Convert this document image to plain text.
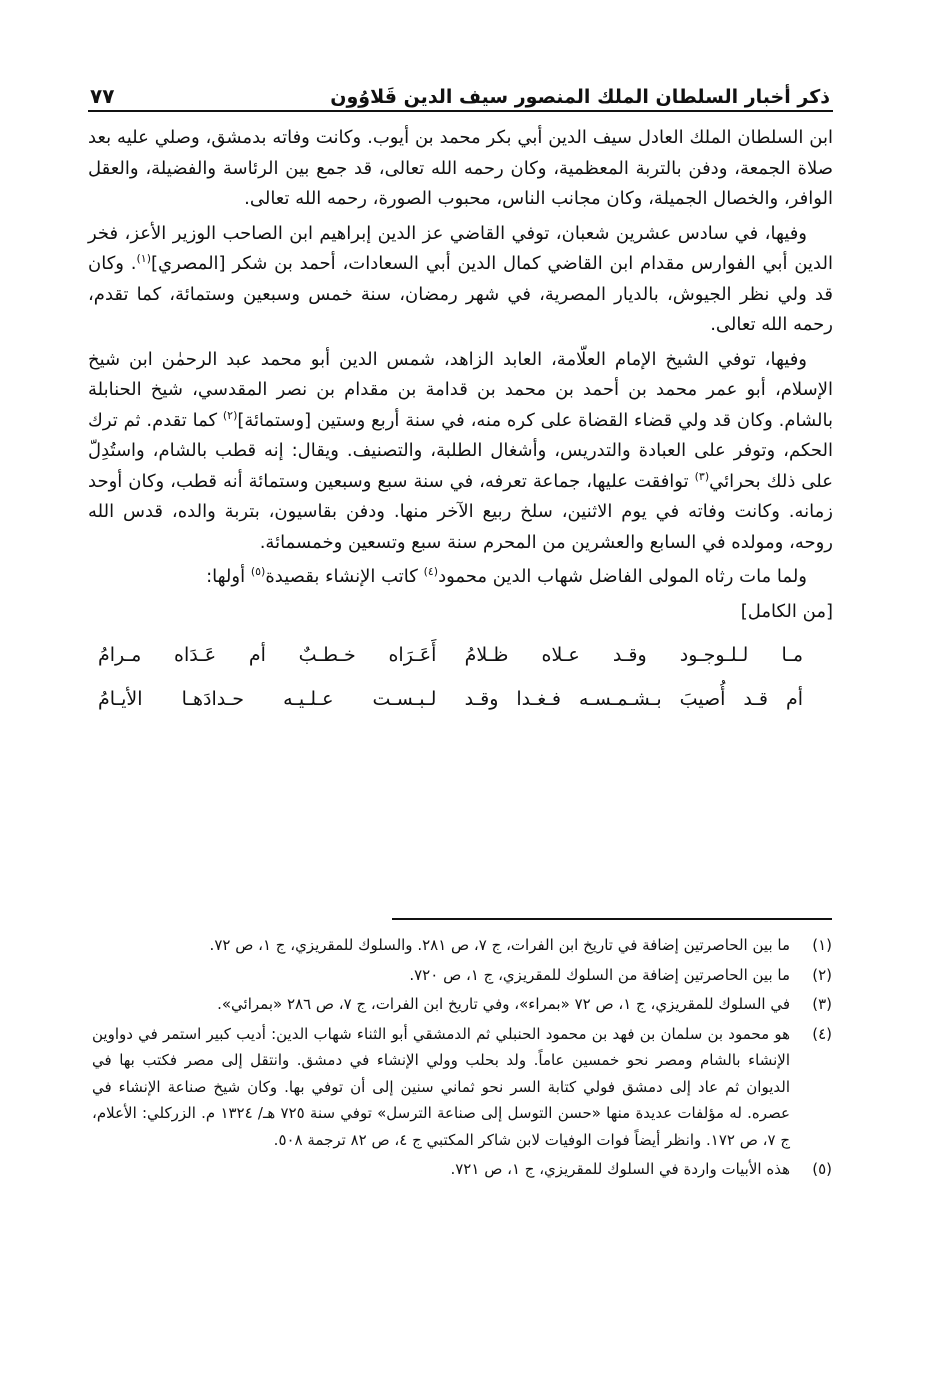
ذكر أخبار السلطان الملك المنصور سيف الدين قَلاوُون
٧٧

ابن السلطان الملك العادل سيف الدين أبي بكر محمد بن أيوب. وكانت وفاته بدمشق، وصلي عليه بعد صلاة الجمعة، ودفن بالتربة المعظمية، وكان رحمه الله تعالى، قد جمع بين الرئاسة والفضيلة، والعقل الوافر، والخصال الجميلة، وكان مجانب الناس، محبوب الصورة، رحمه الله تعالى.

وفيها، في سادس عشرين شعبان، توفي القاضي عز الدين إبراهيم ابن الصاحب الوزير الأعز، فخر الدين أبي الفوارس مقدام ابن القاضي كمال الدين أبي السعادات، أحمد بن شكر [المصري]$^{(١)}$. وكان قد ولي نظر الجيوش، بالديار المصرية، في شهر رمضان، سنة خمس وسبعين وستمائة، كما تقدم، رحمه الله تعالى.

وفيها، توفي الشيخ الإمام العلّامة، العابد الزاهد، شمس الدين أبو محمد عبد الرحمٰن ابن شيخ الإسلام، أبو عمر محمد بن أحمد بن محمد بن قدامة بن مقدام بن نصر المقدسي، شيخ الحنابلة بالشام. وكان قد ولي قضاء القضاة على كره منه، في سنة أربع وستين [وستمائة]$^{(٢)}$ كما تقدم. ثم ترك الحكم، وتوفر على العبادة والتدريس، وأشغال الطلبة، والتصنيف. ويقال: إنه قطب بالشام، واستُدِلّ على ذلك بحرائي$^{(٣)}$ توافقت عليها، جماعة تعرفه، في سنة سبع وسبعين وستمائة أنه قطب، وكان أوحد زمانه. وكانت وفاته في يوم الاثنين، سلخ ربيع الآخر منها. ودفن بقاسيون، بتربة والده، قدس الله روحه، ومولده في السابع والعشرين من المحرم سنة سبع وتسعين وخمسمائة.

ولما مات رثاه المولى الفاضل شهاب الدين محمود$^{(٤)}$ كاتب الإنشاء بقصيدة$^{(٥)}$ أولها:

[من الكامل]
مـا لـلـوجـود وقـد عـلاه ظـلامُ
أَعَـرَاه خـطـبٌ أم عَـدَاه مـرامُ
أم قـد أُصيبَ بـشـمـسـه فـغـدا وقـد
لـبـسـت عـلـيـه حـدادَهـا الأيـامُ
(١)
ما بين الحاصرتين إضافة في تاريخ ابن الفرات، ج ٧، ص ٢٨١. والسلوك للمقريزي، ج ١، ص ٧٢.
(٢)
ما بين الحاصرتين إضافة من السلوك للمقريزي، ج ١، ص ٧٢٠.
(٣)
في السلوك للمقريزي، ج ١، ص ٧٢ «بمراء»، وفي تاريخ ابن الفرات، ج ٧، ص ٢٨٦ «بمرائي».
(٤)
هو محمود بن سلمان بن فهد بن محمود الحنبلي ثم الدمشقي أبو الثناء شهاب الدين: أديب كبير استمر في دواوين الإنشاء بالشام ومصر نحو خمسين عاماً. ولد بحلب وولي الإنشاء في دمشق. وانتقل إلى مصر فكتب بها في الديوان ثم عاد إلى دمشق فولي كتابة السر نحو ثماني سنين إلى أن توفي بها. وكان شيخ صناعة الإنشاء في عصره. له مؤلفات عديدة منها «حسن التوسل إلى صناعة الترسل» توفي سنة ٧٢٥ هـ/ ١٣٢٤ م. الزركلي: الأعلام، ج ٧، ص ١٧٢. وانظر أيضاً فوات الوفيات لابن شاكر المكتبي ج ٤، ص ٨٢ ترجمة ٥٠٨.
(٥)
هذه الأبيات واردة في السلوك للمقريزي، ج ١، ص ٧٢١.
